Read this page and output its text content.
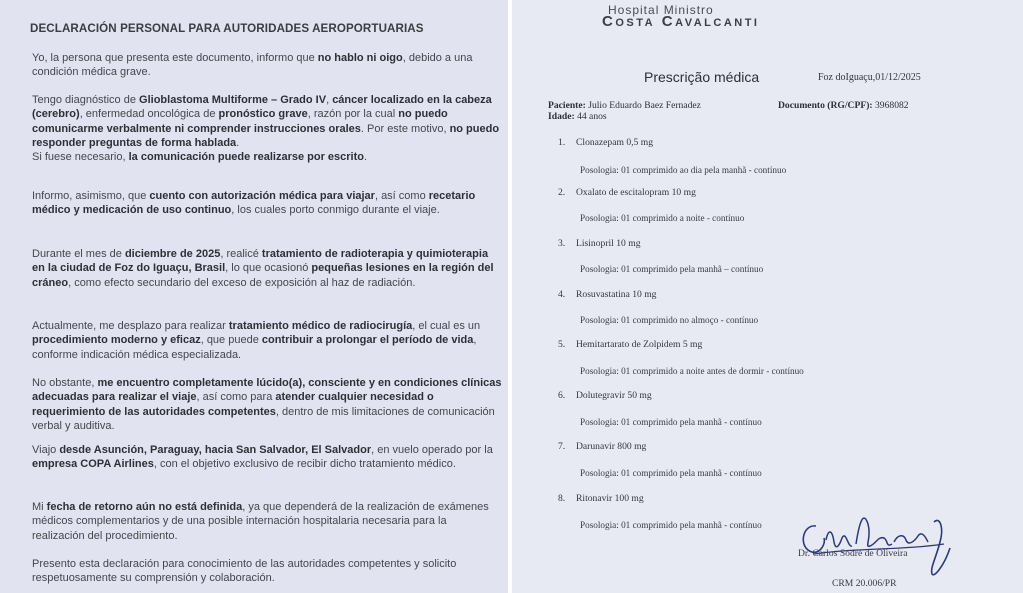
DECLARACIÓN PERSONAL PARA AUTORIDADES AEROPORTUARIAS

Yo, la persona que presenta este documento, informo que no hablo ni oigo, debido a una condición médica grave.

Tengo diagnóstico de Glioblastoma Multiforme – Grado IV, cáncer localizado en la cabeza (cerebro), enfermedad oncológica de pronóstico grave, razón por la cual no puedo comunicarme verbalmente ni comprender instrucciones orales. Por este motivo, no puedo responder preguntas de forma hablada.
Si fuese necesario, la comunicación puede realizarse por escrito.

Informo, asimismo, que cuento con autorización médica para viajar, así como recetario médico y medicación de uso continuo, los cuales porto conmigo durante el viaje.

Durante el mes de diciembre de 2025, realicé tratamiento de radioterapia y quimioterapia en la ciudad de Foz do Iguaçu, Brasil, lo que ocasionó pequeñas lesiones en la región del cráneo, como efecto secundario del exceso de exposición al haz de radiación.

Actualmente, me desplazo para realizar tratamiento médico de radiocirugía, el cual es un procedimiento moderno y eficaz, que puede contribuir a prolongar el período de vida, conforme indicación médica especializada.

No obstante, me encuentro completamente lúcido(a), consciente y en condiciones clínicas adecuadas para realizar el viaje, así como para atender cualquier necesidad o requerimiento de las autoridades competentes, dentro de mis limitaciones de comunicación verbal y auditiva.

Viajo desde Asunción, Paraguay, hacia San Salvador, El Salvador, en vuelo operado por la empresa COPA Airlines, con el objetivo exclusivo de recibir dicho tratamiento médico.

Mi fecha de retorno aún no está definida, ya que dependerá de la realización de exámenes médicos complementarios y de una posible internación hospitalaria necesaria para la realización del procedimiento.

Presento esta declaración para conocimiento de las autoridades competentes y solicito respetuosamente su comprensión y colaboración.

Hospital Ministro
Costa Cavalcanti
Prescrição médica	Foz doIguaçu,01/12/2025
Paciente: Julio Eduardo Baez Fernadez	Documento (RG/CPF): 3968082
Idade: 44 anos
1. Clonazepam 0,5 mg
Posologia: 01 comprimido ao dia pela manhã - contínuo
2. Oxalato de escitalopram 10 mg
Posologia: 01 comprimido a noite - contínuo
3. Lisinopril 10 mg
Posologia: 01 comprimido pela manhã – contínuo
4. Rosuvastatina 10 mg
Posologia: 01 comprimido no almoço - contínuo
5. Hemitartarato de Zolpidem 5 mg
Posologia: 01 comprimido a noite antes de dormir - contínuo
6. Dolutegravir 50 mg
Posologia: 01 comprimido pela manhã - contínuo
7. Darunavir 800 mg
Posologia: 01 comprimido pela manhã - contínuo
8. Ritonavir 100 mg
Posologia: 01 comprimido pela manhã - contínuo
Dr. Carlos Sodré de Oliveira
CRM 20.006/PR
